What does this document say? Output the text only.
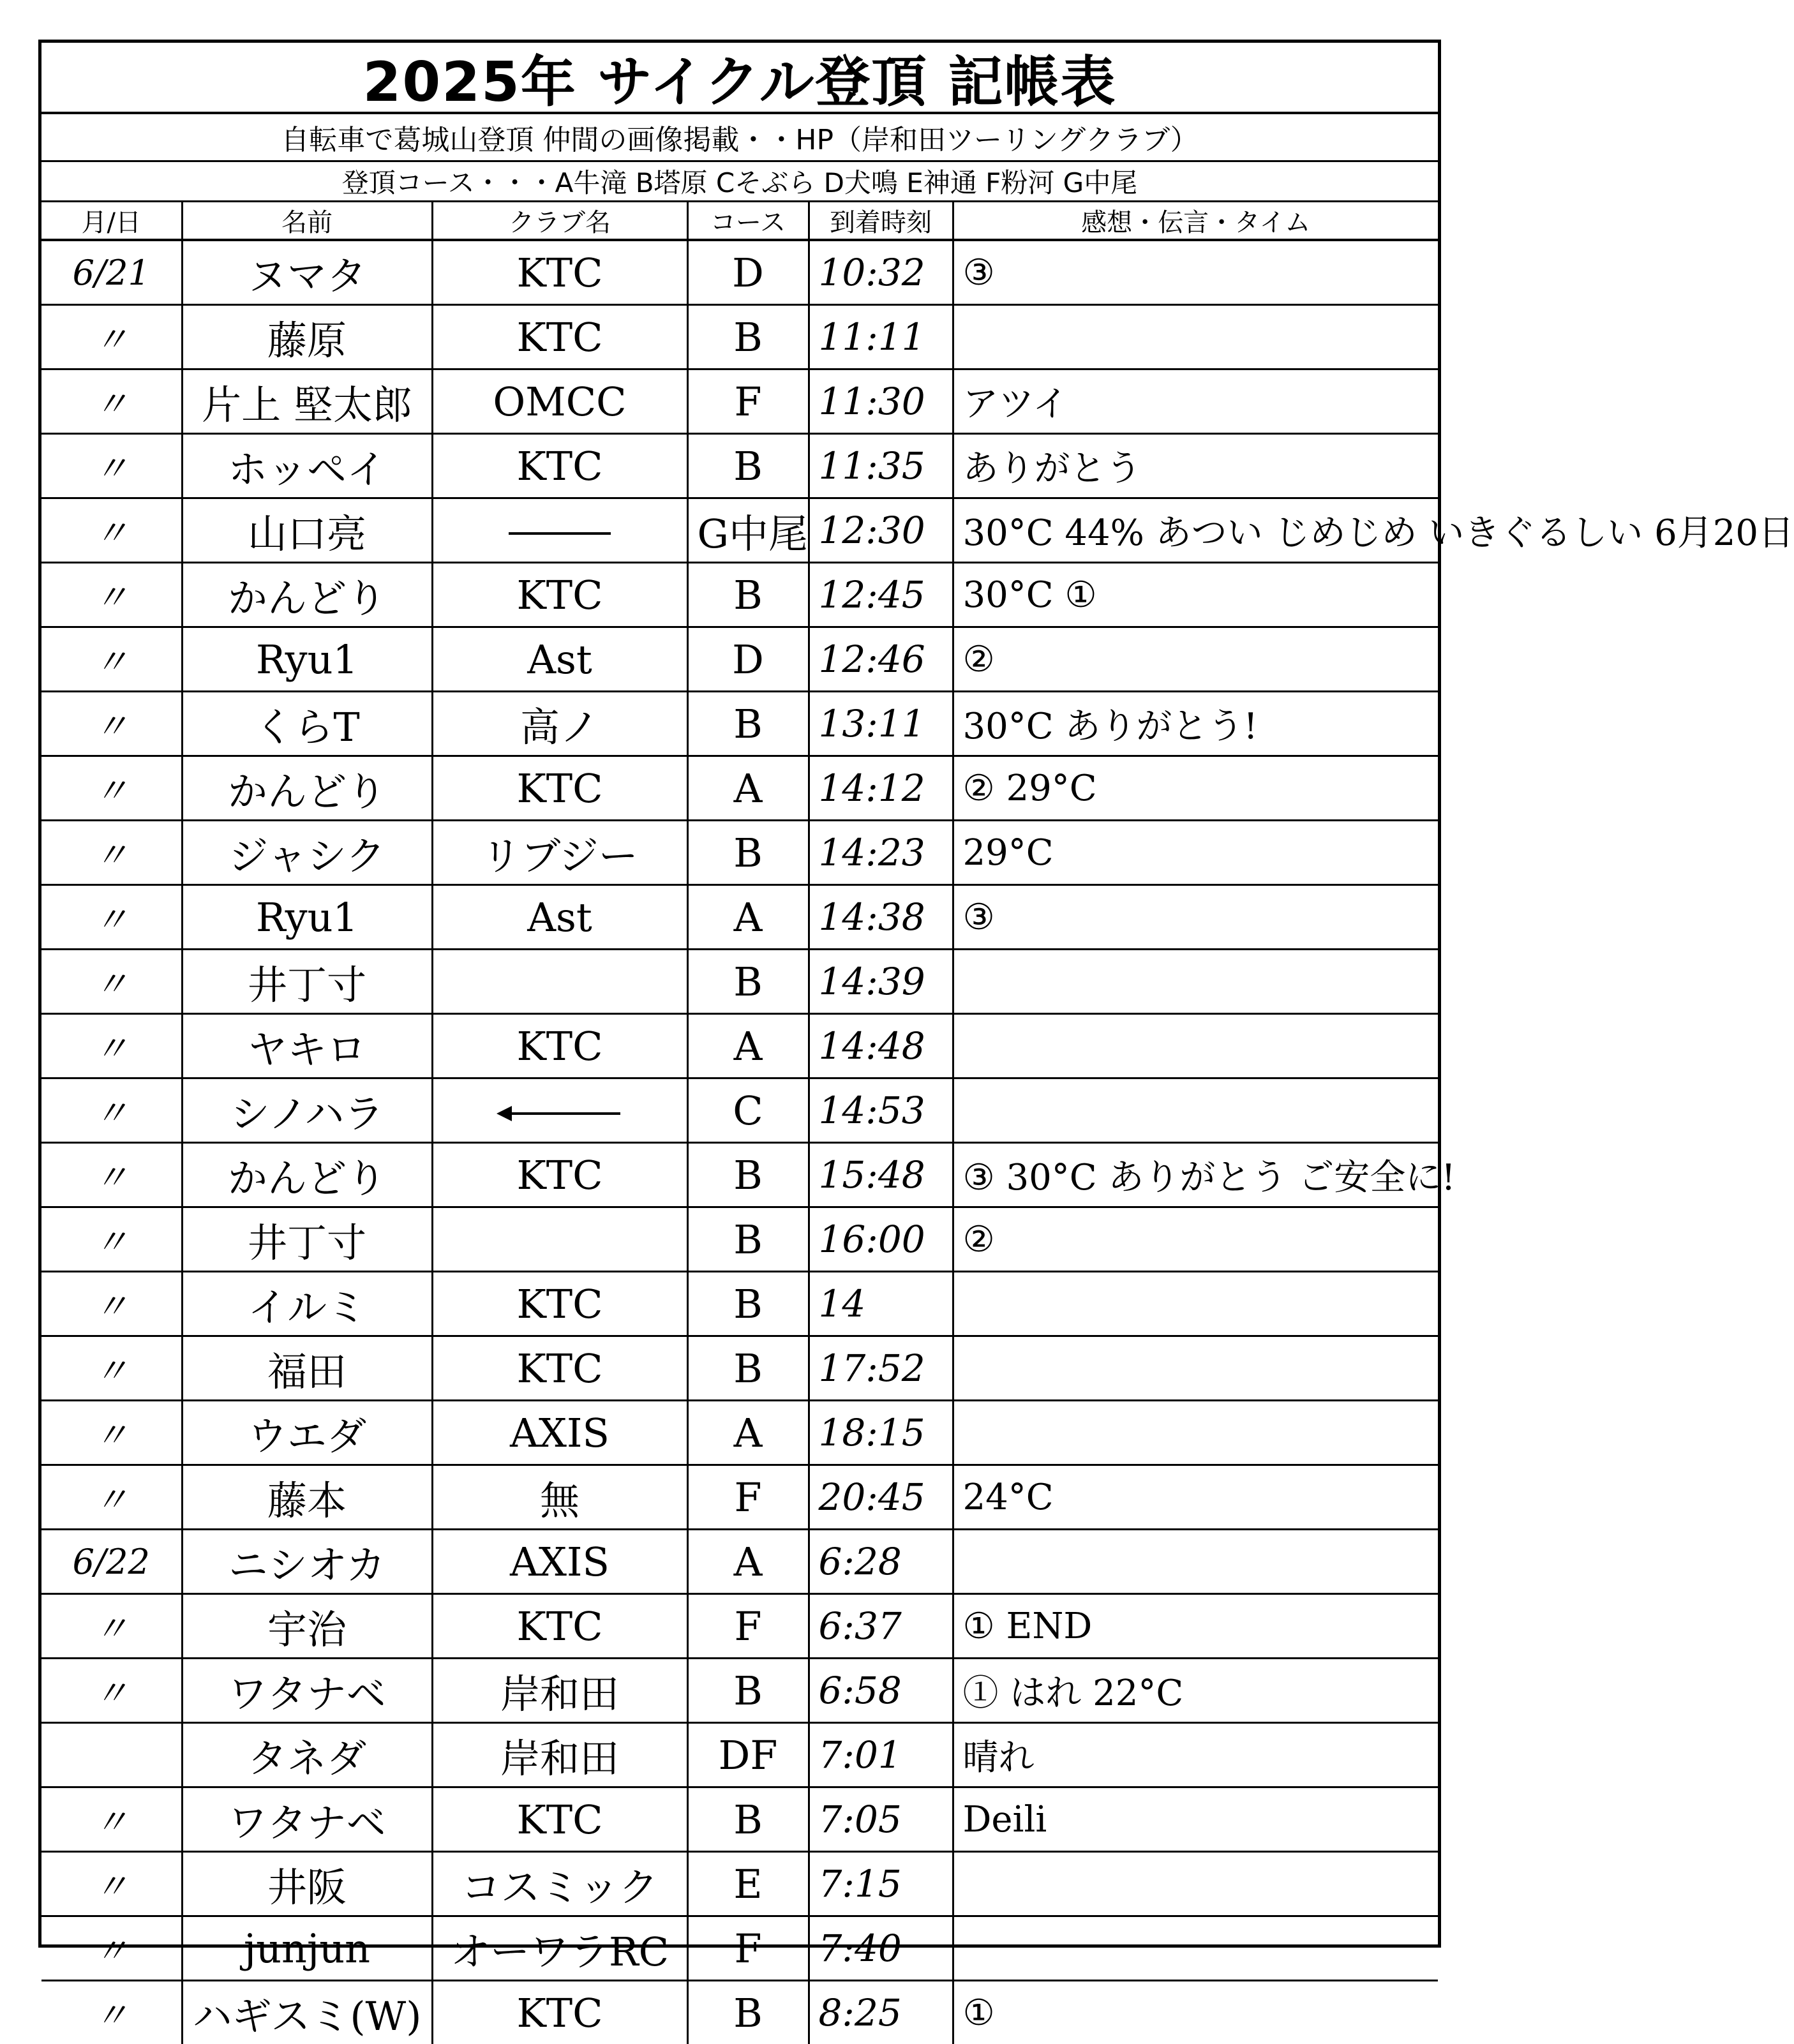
2025年 サイクル登頂 記帳表
自転車で葛城山登頂 仲間の画像掲載・・HP（岸和田ツーリングクラブ）
登頂コース・・・A牛滝 B塔原 Cそぶら D犬鳴 E神通 F粉河 G中尾
月/日	名前	クラブ名	コース	到着時刻	感想・伝言・タイム
6/21	ヌマタ	KTC	D	10:32	③
〃	藤原	KTC	B	11:11	
〃	片上 堅太郎	OMCC	F	11:30	アツイ
〃	ホッペイ	KTC	B	11:35	ありがとう
〃	山口亮		G中尾	12:30	30°C 44% あつい じめじめ いきぐるしい 6月20日
〃	かんどり	KTC	B	12:45	30°C ①
〃	Ryu1	Ast	D	12:46	②
〃	くらT	高ノ	B	13:11	30°C ありがとう!
〃	かんどり	KTC	A	14:12	② 29°C
〃	ジャシク	リブジー	B	14:23	29°C
〃	Ryu1	Ast	A	14:38	③
〃	井丁寸		B	14:39	
〃	ヤキロ	KTC	A	14:48	
〃	シノハラ		C	14:53	
〃	かんどり	KTC	B	15:48	③ 30°C ありがとう ご安全に!
〃	井丁寸		B	16:00	②
〃	イルミ	KTC	B	14	
〃	福田	KTC	B	17:52	
〃	ウエダ	AXIS	A	18:15	
〃	藤本	無	F	20:45	24°C
6/22	ニシオカ	AXIS	A	6:28	
〃	宇治	KTC	F	6:37	① END
〃	ワタナベ	岸和田	B	6:58	① はれ 22°C
	タネダ	岸和田	DF	7:01	晴れ
〃	ワタナベ	KTC	B	7:05	Deili
〃	井阪	コスミック	E	7:15	
〃	junjun	オーワラRC	F	7:40	
〃	ハギスミ(W)	KTC	B	8:25	①
